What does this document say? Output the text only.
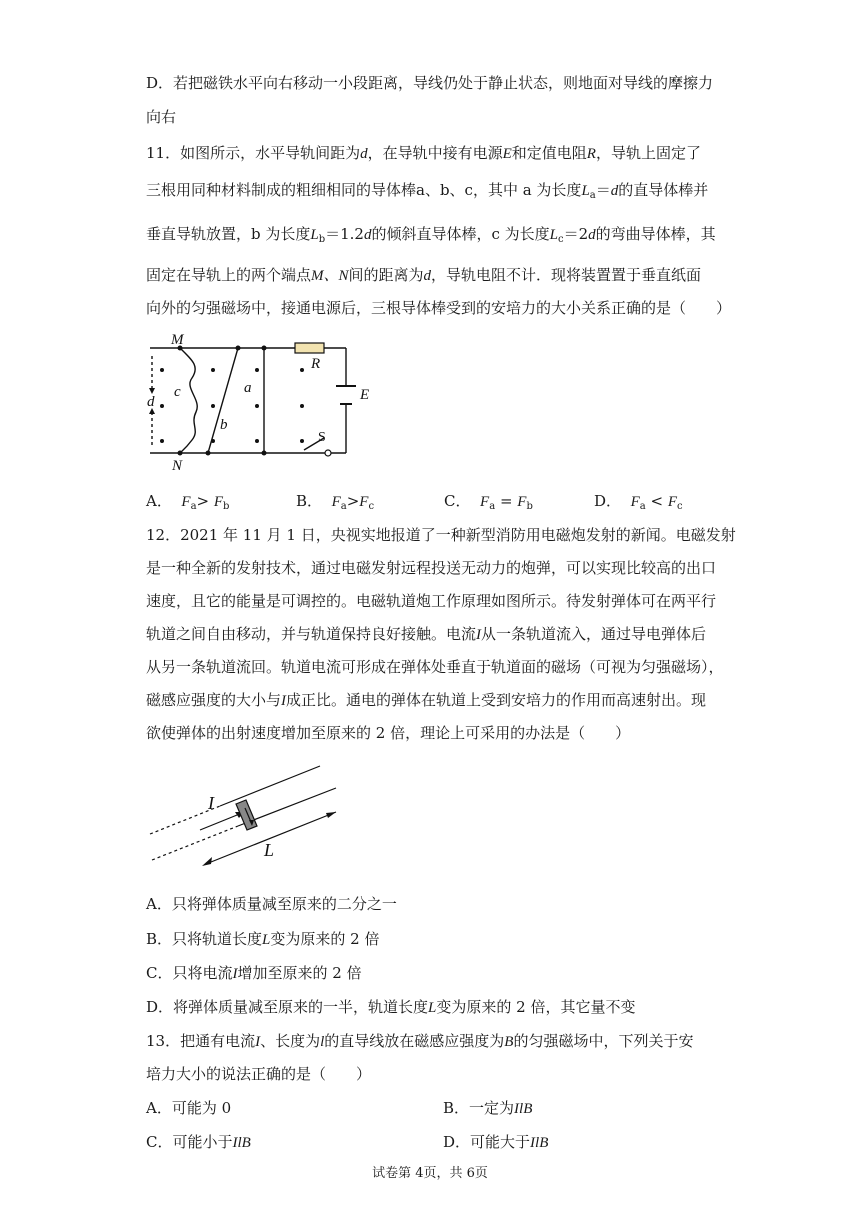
D．若把磁铁水平向右移动一小段距离，导线仍处于静止状态，则地面对导线的摩擦力
向右
11．如图所示，水平导轨间距为d，在导轨中接有电源E和定值电阻R，导轨上固定了
三根用同种材料制成的粗细相同的导体棒a、b、c，其中 a 为长度$L_a=d$的直导体棒并
垂直导轨放置，b 为长度$L_b=1.2d$的倾斜直导体棒，c 为长度$L_c=2d$的弯曲导体棒，其
固定在导轨上的两个端点M、N间的距离为d，导轨电阻不计．现将装置置于垂直纸面
向外的匀强磁场中，接通电源后，三根导体棒受到的安培力的大小关系正确的是（　　）
M
N
a
b
c
d
R
E
S
A． $F_a> F_b$	B． $F_a>F_c$	C． $F_a = F_b$	D． $F_a < F_c$
12．2021 年 11 月 1 日，央视实地报道了一种新型消防用电磁炮发射的新闻。电磁发射
是一种全新的发射技术，通过电磁发射远程投送无动力的炮弹，可以实现比较高的出口
速度，且它的能量是可调控的。电磁轨道炮工作原理如图所示。待发射弹体可在两平行
轨道之间自由移动，并与轨道保持良好接触。电流I从一条轨道流入，通过导电弹体后
从另一条轨道流回。轨道电流可形成在弹体处垂直于轨道面的磁场（可视为匀强磁场），
磁感应强度的大小与I成正比。通电的弹体在轨道上受到安培力的作用而高速射出。现
欲使弹体的出射速度增加至原来的 2 倍，理论上可采用的办法是（　　）
I
L
A．只将弹体质量减至原来的二分之一
B．只将轨道长度L变为原来的 2 倍
C．只将电流I增加至原来的 2 倍
D．将弹体质量减至原来的一半，轨道长度L变为原来的 2 倍，其它量不变
13．把通有电流I、长度为l的直导线放在磁感应强度为B的匀强磁场中，下列关于安
培力大小的说法正确的是（　　）
A．可能为 0	B．一定为IlB
C．可能小于IlB	D．可能大于IlB
试卷第 4页，共 6页
